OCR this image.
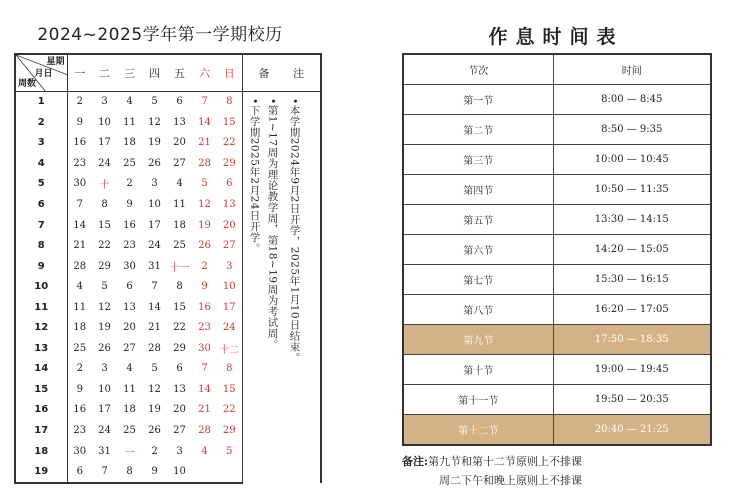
2024~2025学年第一学期校历
星期
月日
周数	一	二	三	四	五	六	日	备 注
1	2	3	4	5	6	7	8	•本学期2024年9月2日开学，2025年1月10日结束。
•第1~17周为理论教学周，第18~19周为考试周。
•下学期2025年2月24日开学。

2	9	10	11	12	13	14	15	
3	16	17	18	19	20	21	22	
4	23	24	25	26	27	28	29	
5	30	十	2	3	4	5	6	
6	7	8	9	10	11	12	13	
7	14	15	16	17	18	19	20	
8	21	22	23	24	25	26	27	
9	28	29	30	31	十一	2	3	
10	4	5	6	7	8	9	10	
11	11	12	13	14	15	16	17	
12	18	19	20	21	22	23	24	
13	25	26	27	28	29	30	十二	
14	2	3	4	5	6	7	8	
15	9	10	11	12	13	14	15	
16	16	17	18	19	20	21	22	
17	23	24	25	26	27	28	29	
18	30	31	一	2	3	4	5	
19	6	7	8	9	10			
作息时间表
节次	时间
第一节	8:00 — 8:45
第二节	8:50 — 9:35
第三节	10:00 — 10:45
第四节	10:50 — 11:35
第五节	13:30 — 14:15
第六节	14:20 — 15:05
第七节	15:30 — 16:15
第八节	16:20 — 17:05
第九节	17:50 — 18:35
第十节	19:00 — 19:45
第十一节	19:50 — 20:35
第十二节	20:40 — 21:25
备注:第九节和第十二节原则上不排课
周二下午和晚上原则上不排课
